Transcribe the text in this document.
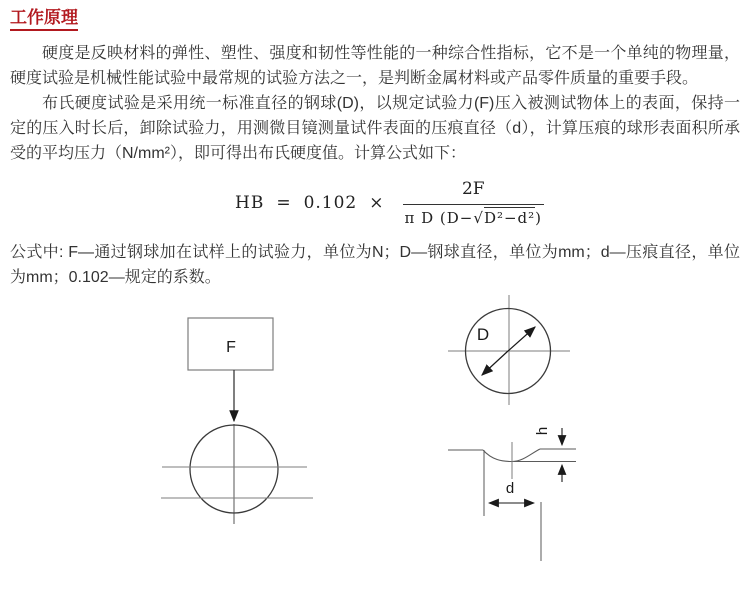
工作原理

硬度是反映材料的弹性、塑性、强度和韧性等性能的一种综合性指标，它不是一个单纯的物理量，硬度试验是机械性能试验中最常规的试验方法之一，是判断金属材料或产品零件质量的重要手段。

布氏硬度试验是采用统一标准直径的钢球(D)，以规定试验力(F)压入被测试物体上的表面，保持一定的压入时长后，卸除试验力，用测微目镜测量试件表面的压痕直径（d），计算压痕的球形表面积所承受的平均压力（N/mm²），即可得出布氏硬度值。计算公式如下：

HB = $0.102 \times \frac{2F}{\text{π D (D−√D²−d²)}}$

公式中: F—通过钢球加在试样上的试验力，单位为N；D—钢球直径，单位为mm；d—压痕直径，单位为mm；0.102—规定的系数。

F
D
h
d
